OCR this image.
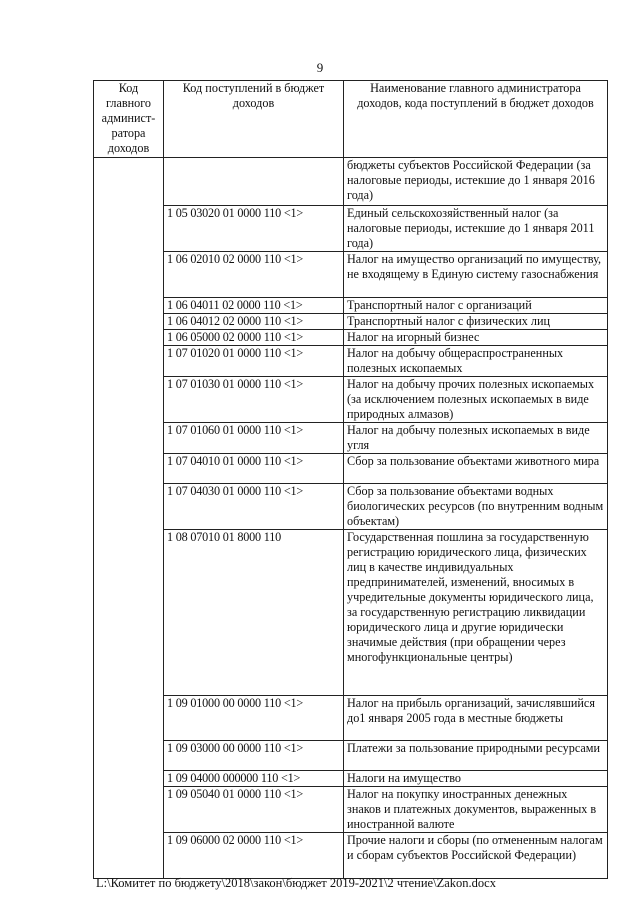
9
Код главного админист-ратора доходов	Код поступлений в бюджет доходов	Наименование главного администратора доходов, кода поступлений в бюджет доходов
		бюджеты субъектов Российской Федерации (за налоговые периоды, истекшие до 1 января 2016 года)
	1 05 03020 01 0000 110 <1>	Единый сельскохозяйственный налог (за налоговые периоды, истекшие до 1 января 2011 года)
	1 06 02010 02 0000 110 <1>	Налог на имущество организаций по имуществу, не входящему в Единую систему газоснабжения
	1 06 04011 02 0000 110 <1>	Транспортный налог с организаций
	1 06 04012 02 0000 110 <1>	Транспортный налог с физических лиц
	1 06 05000 02 0000 110 <1>	Налог на игорный бизнес
	1 07 01020 01 0000 110 <1>	Налог на добычу общераспространенных полезных ископаемых
	1 07 01030 01 0000 110 <1>	Налог на добычу прочих полезных ископаемых (за исключением полезных ископаемых в виде природных алмазов)
	1 07 01060 01 0000 110 <1>	Налог на добычу полезных ископаемых в виде угля
	1 07 04010 01 0000 110 <1>	Сбор за пользование объектами животного мира
	1 07 04030 01 0000 110 <1>	Сбор за пользование объектами водных биологических ресурсов (по внутренним водным объектам)
	1 08 07010 01 8000 110	Государственная пошлина за государственную регистрацию юридического лица, физических лиц в качестве индивидуальных предпринимателей, изменений, вносимых в учредительные документы юридического лица, за государственную регистрацию ликвидации юридического лица и другие юридически значимые действия (при обращении через многофункциональные центры)
	1 09 01000 00 0000 110 <1>	Налог на прибыль организаций, зачислявшийся до1 января 2005 года в местные бюджеты
	1 09 03000 00 0000 110 <1>	Платежи за пользование природными ресурсами
	1 09 04000 000000 110 <1>	Налоги на имущество
	1 09 05040 01 0000 110 <1>	Налог на покупку иностранных денежных знаков и платежных документов, выраженных в иностранной валюте
	1 09 06000 02 0000 110 <1>	Прочие налоги и сборы (по отмененным налогам и сборам субъектов Российской Федерации)
L:\Комитет по бюджету\2018\закон\бюджет 2019-2021\2 чтение\Zakon.docx
